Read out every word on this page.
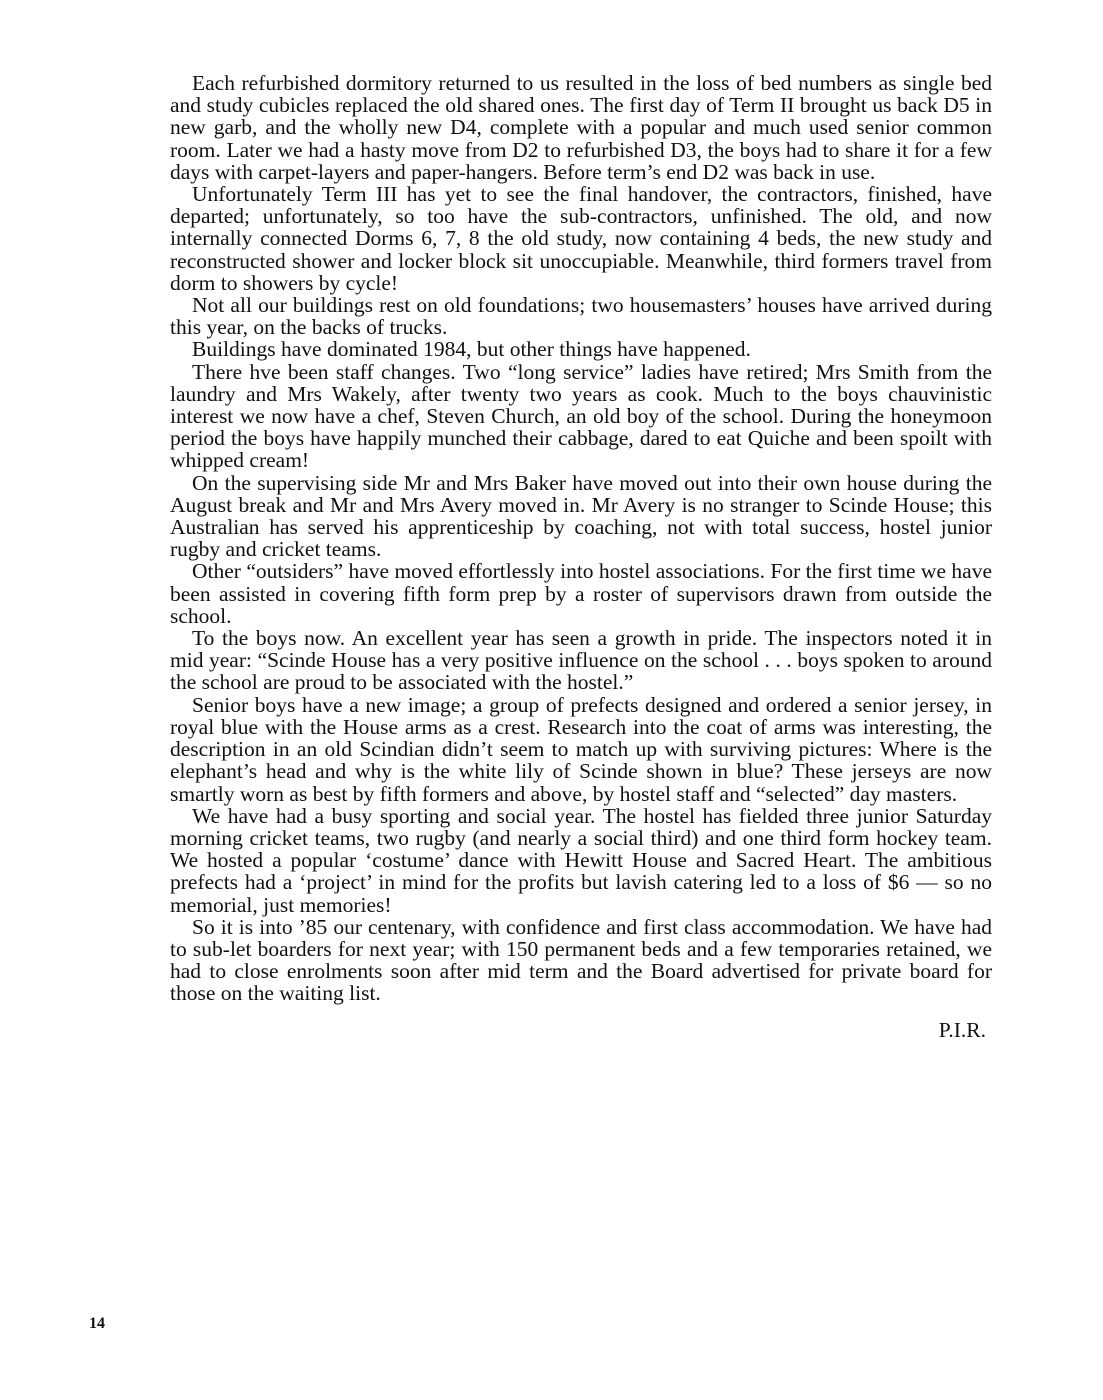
Each refurbished dormitory returned to us resulted in the loss of bed numbers as single bed and study cubicles replaced the old shared ones. The first day of Term II brought us back D5 in new garb, and the wholly new D4, complete with a popular and much used senior common room. Later we had a hasty move from D2 to refurbished D3, the boys had to share it for a few days with carpet-layers and paper-hangers. Before term’s end D2 was back in use.

Unfortunately Term III has yet to see the final handover, the contractors, finished, have departed; unfortunately, so too have the sub-contractors, unfinished. The old, and now internally connected Dorms 6, 7, 8 the old study, now containing 4 beds, the new study and reconstructed shower and locker block sit unoccupiable. Meanwhile, third formers travel from dorm to showers by cycle!

Not all our buildings rest on old foundations; two housemasters’ houses have arrived during this year, on the backs of trucks.

Buildings have dominated 1984, but other things have happened.

There hve been staff changes. Two “long service” ladies have retired; Mrs Smith from the laundry and Mrs Wakely, after twenty two years as cook. Much to the boys chauvinistic interest we now have a chef, Steven Church, an old boy of the school. During the honeymoon period the boys have happily munched their cabbage, dared to eat Quiche and been spoilt with whipped cream!

On the supervising side Mr and Mrs Baker have moved out into their own house during the August break and Mr and Mrs Avery moved in. Mr Avery is no stranger to Scinde House; this Australian has served his apprenticeship by coaching, not with total success, hostel junior rugby and cricket teams.

Other “outsiders” have moved effortlessly into hostel associations. For the first time we have been assisted in covering fifth form prep by a roster of supervisors drawn from outside the school.

To the boys now. An excellent year has seen a growth in pride. The inspectors noted it in mid year: “Scinde House has a very positive influence on the school . . . boys spoken to around the school are proud to be associated with the hostel.”

Senior boys have a new image; a group of prefects designed and ordered a senior jersey, in royal blue with the House arms as a crest. Research into the coat of arms was interesting, the description in an old Scindian didn’t seem to match up with surviving pictures: Where is the elephant’s head and why is the white lily of Scinde shown in blue? These jerseys are now smartly worn as best by fifth formers and above, by hostel staff and “selected” day masters.

We have had a busy sporting and social year. The hostel has fielded three junior Saturday morning cricket teams, two rugby (and nearly a social third) and one third form hockey team. We hosted a popular ‘costume’ dance with Hewitt House and Sacred Heart. The ambitious prefects had a ‘project’ in mind for the profits but lavish catering led to a loss of $6 — so no memorial, just memories!

So it is into ’85 our centenary, with confidence and first class accommodation. We have had to sub-let boarders for next year; with 150 permanent beds and a few temporaries retained, we had to close enrolments soon after mid term and the Board advertised for private board for those on the waiting list.

P.I.R.
14
